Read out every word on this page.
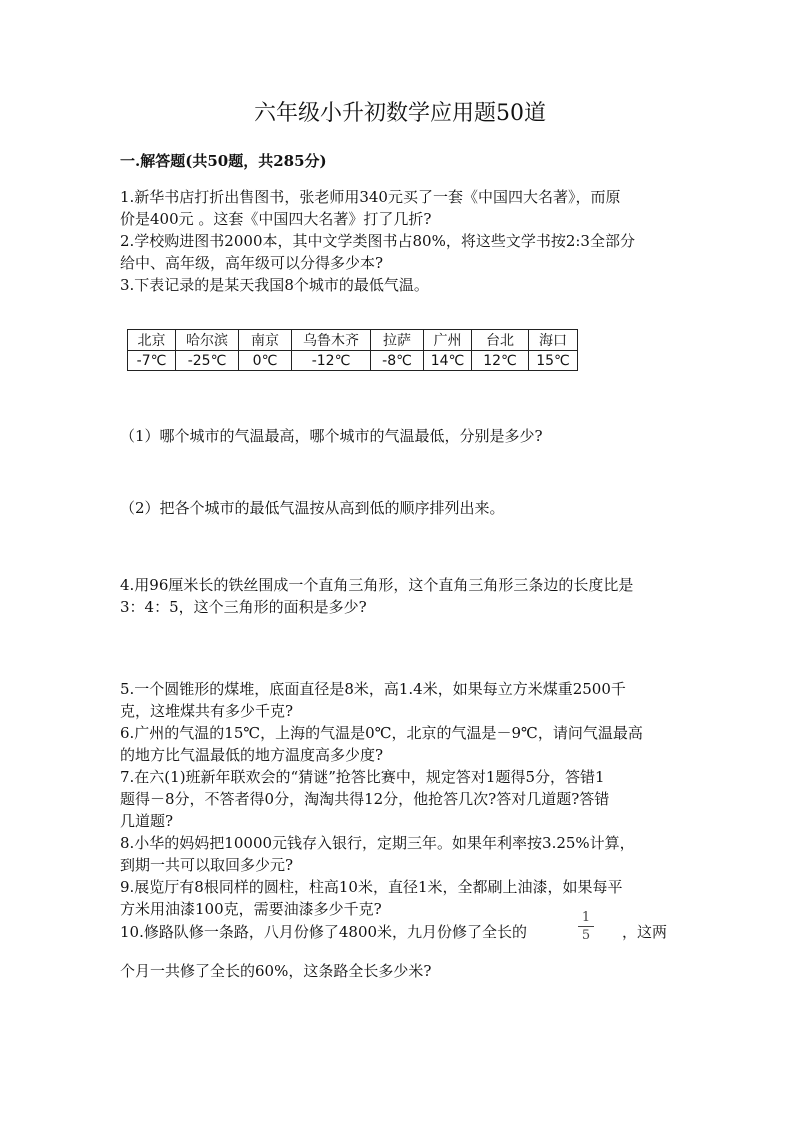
六年级小升初数学应用题50道
一.解答题(共50题，共285分)
1.新华书店打折出售图书，张老师用340元买了一套《中国四大名著》，而原
价是400元 。这套《中国四大名著》打了几折?
2.学校购进图书2000本，其中文学类图书占80%，将这些文学书按2:3全部分
给中、高年级，高年级可以分得多少本?
3.下表记录的是某天我国8个城市的最低气温。
北京	哈尔滨	南京	乌鲁木齐	拉萨	广州	台北	海口
-7℃	-25℃	0℃	-12℃	-8℃	14℃	12℃	15℃
（1）哪个城市的气温最高，哪个城市的气温最低，分别是多少?
（2）把各个城市的最低气温按从高到低的顺序排列出来。
4.用96厘米长的铁丝围成一个直角三角形，这个直角三角形三条边的长度比是
3：4：5，这个三角形的面积是多少?
5.一个圆锥形的煤堆，底面直径是8米，高1.4米，如果每立方米煤重2500千
克，这堆煤共有多少千克?
6.广州的气温的15℃，上海的气温是0℃，北京的气温是－9℃，请问气温最高
的地方比气温最低的地方温度高多少度?
7.在六(1)班新年联欢会的“猜谜”抢答比赛中，规定答对1题得5分，答错1
题得－8分，不答者得0分，淘淘共得12分，他抢答几次?答对几道题?答错
几道题?
8.小华的妈妈把10000元钱存入银行，定期三年。如果年利率按3.25%计算，
到期一共可以取回多少元?
9.展览厅有8根同样的圆柱，柱高10米，直径1米，全都刷上油漆，如果每平
方米用油漆100克，需要油漆多少千克?
10.修路队修一条路，八月份修了4800米，九月份修了全长的
1
5 ，这两
个月一共修了全长的60%，这条路全长多少米?
